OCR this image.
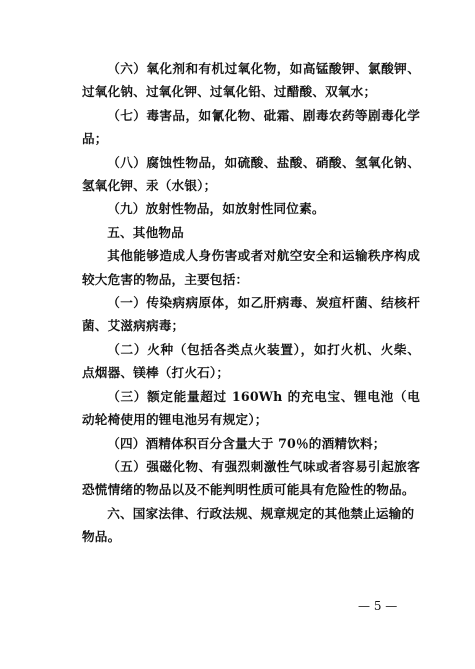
（六）氧化剂和有机过氧化物，如高锰酸钾、氯酸钾、过氧化钠、过氧化钾、过氧化铅、过醋酸、双氧水；

（七）毒害品，如氰化物、砒霜、剧毒农药等剧毒化学品；

（八）腐蚀性物品，如硫酸、盐酸、硝酸、氢氧化钠、氢氧化钾、汞（水银）；

（九）放射性物品，如放射性同位素。

五、其他物品

其他能够造成人身伤害或者对航空安全和运输秩序构成较大危害的物品，主要包括：

（一）传染病病原体，如乙肝病毒、炭疽杆菌、结核杆菌、艾滋病病毒；

（二）火种（包括各类点火装置），如打火机、火柴、点烟器、镁棒（打火石）；

（三）额定能量超过 160Wh 的充电宝、锂电池（电动轮椅使用的锂电池另有规定）；

（四）酒精体积百分含量大于 70％的酒精饮料；

（五）强磁化物、有强烈刺激性气味或者容易引起旅客恐慌情绪的物品以及不能判明性质可能具有危险性的物品。

六、国家法律、行政法规、规章规定的其他禁止运输的物品。

— 5 —
